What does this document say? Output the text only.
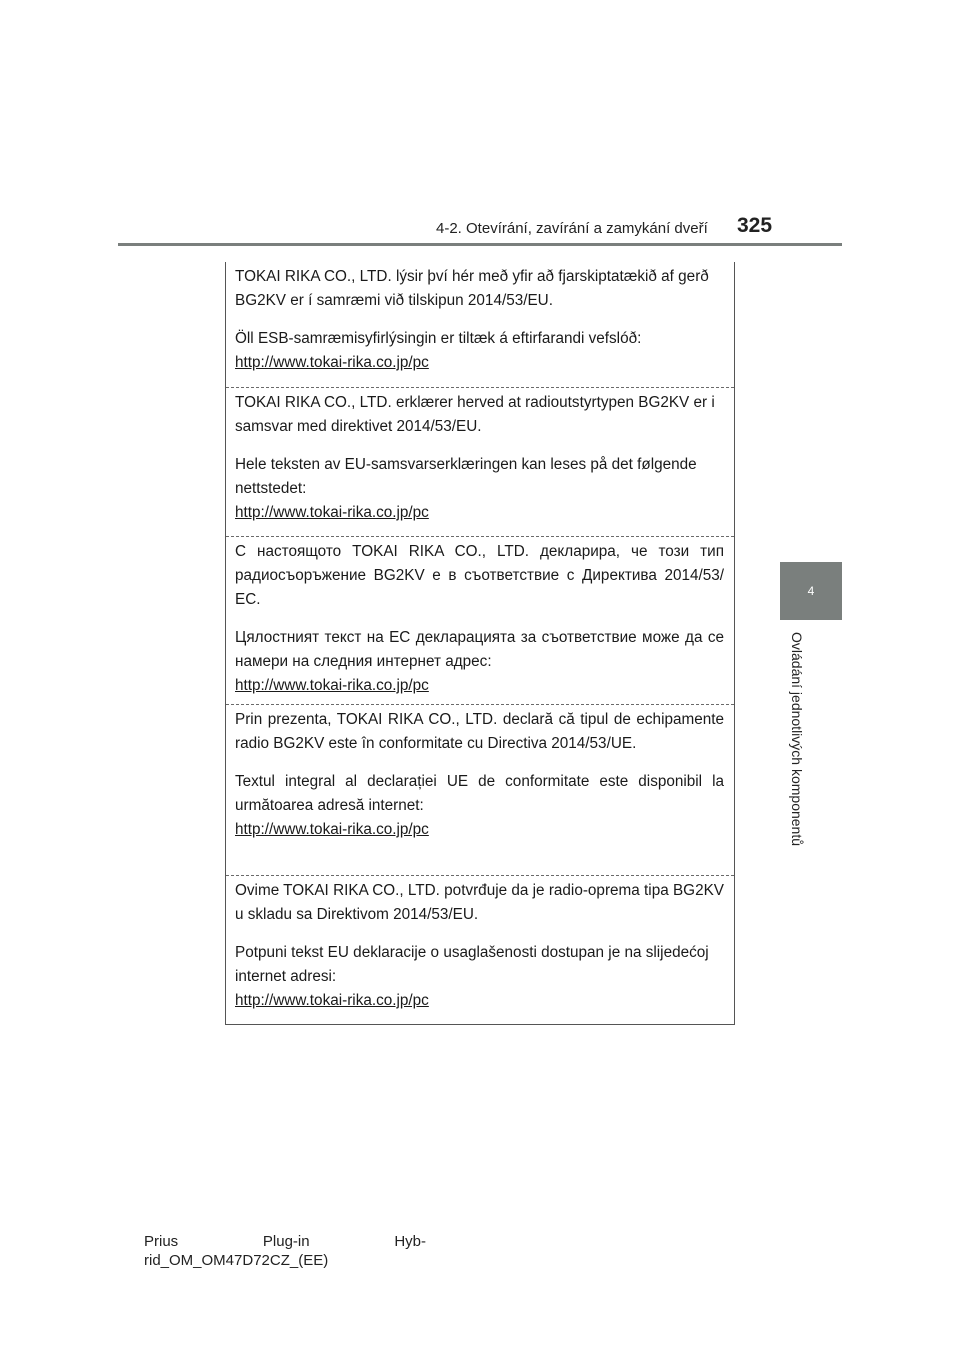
4-2. Otevírání, zavírání a zamykání dveří 325
4
Ovládání jednotlivých komponentů

TOKAI RIKA CO., LTD. lýsir því hér með yfir að fjarskiptatækið af gerð BG2KV er í samræmi við tilskipun 2014/53/EU.

Öll ESB-samræmisyfirlýsingin er tiltæk á eftirfarandi vefslóð:

http://www.tokai-rika.co.jp/pc

TOKAI RIKA CO., LTD. erklærer herved at radioutstyrtypen BG2KV er i samsvar med direktivet 2014/53/EU.

Hele teksten av EU-samsvarserklæringen kan leses på det følgende nettstedet:

http://www.tokai-rika.co.jp/pc

С настоящото TOKAI RIKA CO., LTD. декларира, че този тип радиосъоръжение BG2KV е в съответствие с Директива 2014/53/ЕС.

Цялостният текст на ЕС декларацията за съответствие може да се намери на следния интернет адрес:

http://www.tokai-rika.co.jp/pc

Prin prezenta, TOKAI RIKA CO., LTD. declară că tipul de echipamente radio BG2KV este în conformitate cu Directiva 2014/53/UE.

Textul integral al declarației UE de conformitate este disponibil la următoarea adresă internet:

http://www.tokai-rika.co.jp/pc

Ovime TOKAI RIKA CO., LTD. potvrđuje da je radio-oprema tipa BG2KV u skladu sa Direktivom 2014/53/EU.

Potpuni tekst EU deklaracije o usaglašenosti dostupan je na slijedećoj internet adresi:

http://www.tokai-rika.co.jp/pc

Prius	Plug-in	Hyb-
rid_OM_OM47D72CZ_(EE)
